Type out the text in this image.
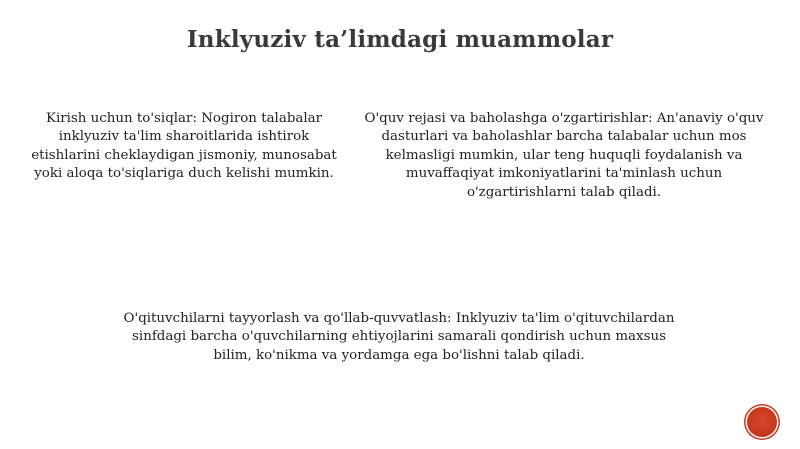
Inklyuziv ta’limdagi muammolar

Kirish uchun to'siqlar: Nogiron talabalar inklyuziv ta'lim sharoitlarida ishtirok etishlarini cheklaydigan jismoniy, munosabat yoki aloqa to'siqlariga duch kelishi mumkin.

O'quv rejasi va baholashga o'zgartirishlar: An'anaviy o'quv dasturlari va baholashlar barcha talabalar uchun mos kelmasligi mumkin, ular teng huquqli foydalanish va muvaffaqiyat imkoniyatlarini ta'minlash uchun o'zgartirishlarni talab qiladi.

O'qituvchilarni tayyorlash va qo'llab-quvvatlash: Inklyuziv ta'lim o'qituvchilardan sinfdagi barcha o'quvchilarning ehtiyojlarini samarali qondirish uchun maxsus bilim, ko'nikma va yordamga ega bo'lishni talab qiladi.
